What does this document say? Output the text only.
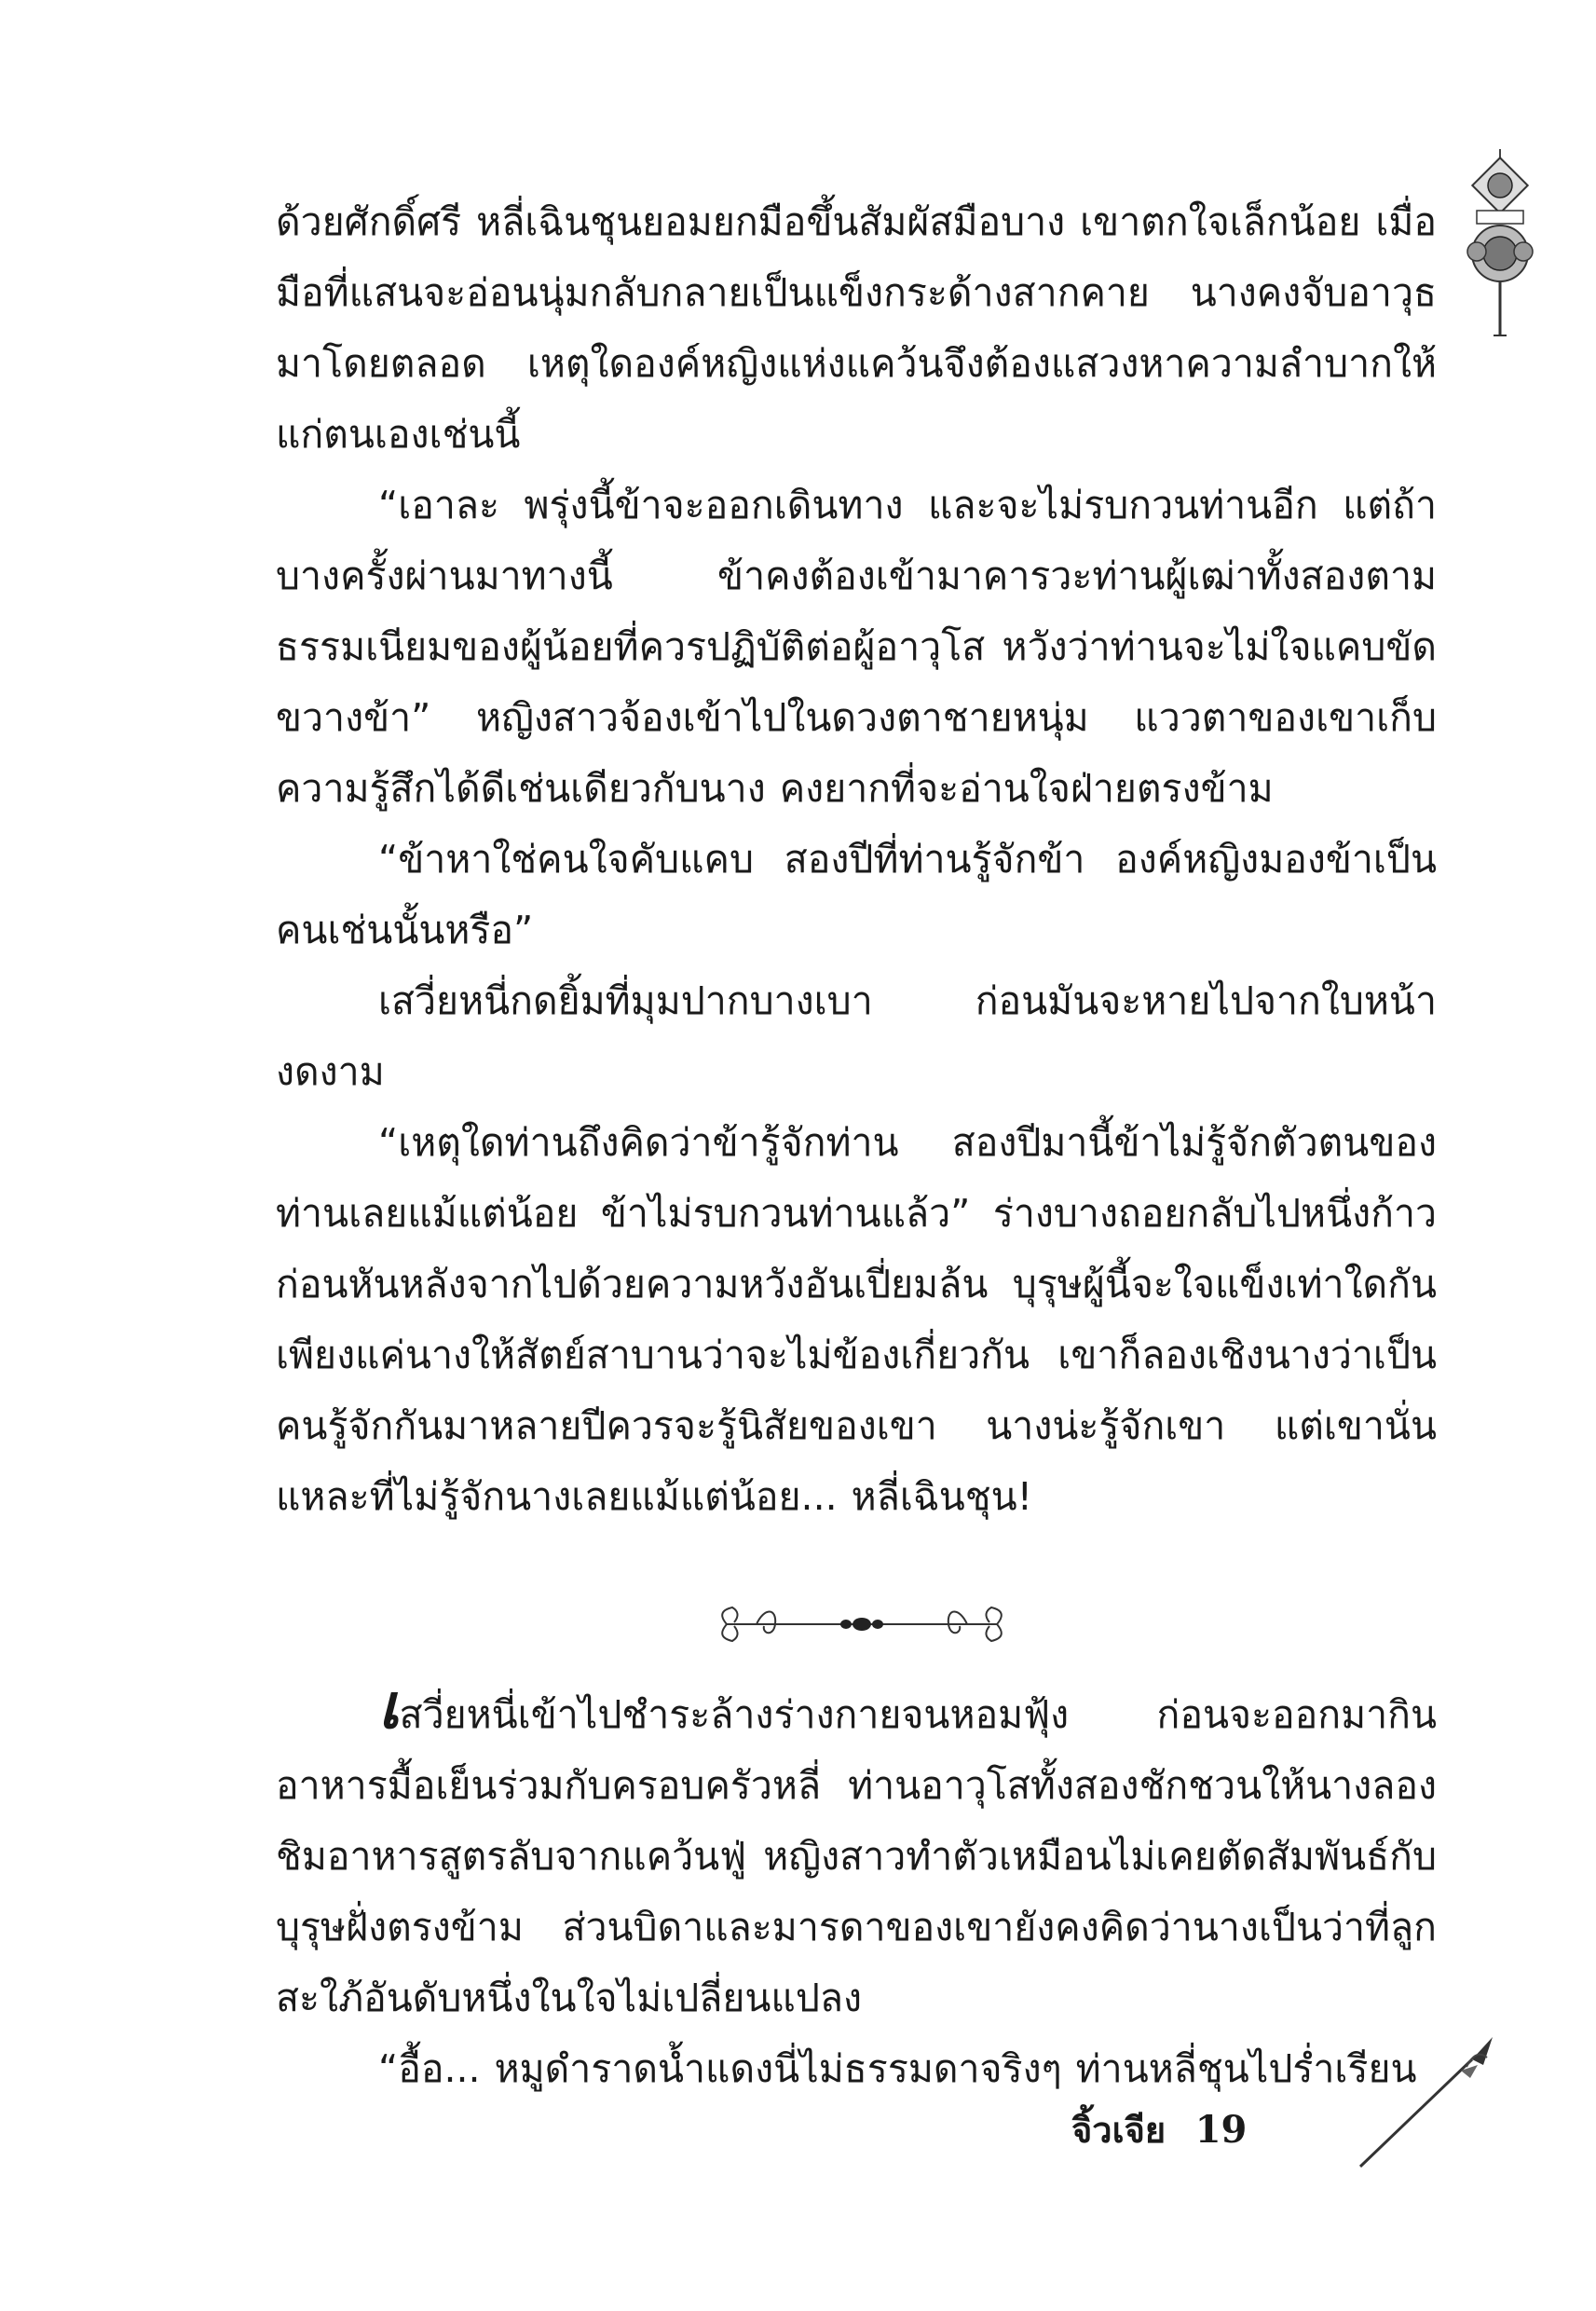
ด้วยศักดิ์ศรี หลี่เฉินชุนยอมยกมือขึ้นสัมผัสมือบาง เขาตกใจเล็กน้อย เมื่อมือที่แสนจะอ่อนนุ่มกลับกลายเป็นแข็งกระด้างสากคาย นางคงจับอาวุธมาโดยตลอด เหตุใดองค์หญิงแห่งแคว้นจึงต้องแสวงหาความลำบากให้แก่ตนเองเช่นนี้

“เอาละ พรุ่งนี้ข้าจะออกเดินทาง และจะไม่รบกวนท่านอีก แต่ถ้าบางครั้งผ่านมาทางนี้ ข้าคงต้องเข้ามาคารวะท่านผู้เฒ่าทั้งสองตามธรรมเนียมของผู้น้อยที่ควรปฏิบัติต่อผู้อาวุโส หวังว่าท่านจะไม่ใจแคบขัดขวางข้า” หญิงสาวจ้องเข้าไปในดวงตาชายหนุ่ม แววตาของเขาเก็บความรู้สึกได้ดีเช่นเดียวกับนาง คงยากที่จะอ่านใจฝ่ายตรงข้าม

“ข้าหาใช่คนใจคับแคบ สองปีที่ท่านรู้จักข้า องค์หญิงมองข้าเป็นคนเช่นนั้นหรือ”

เสวี่ยหนี่กดยิ้มที่มุมปากบางเบา ก่อนมันจะหายไปจากใบหน้างดงาม

“เหตุใดท่านถึงคิดว่าข้ารู้จักท่าน สองปีมานี้ข้าไม่รู้จักตัวตนของท่านเลยแม้แต่น้อย ข้าไม่รบกวนท่านแล้ว” ร่างบางถอยกลับไปหนึ่งก้าวก่อนหันหลังจากไปด้วยความหวังอันเปี่ยมล้น บุรุษผู้นี้จะใจแข็งเท่าใดกันเพียงแค่นางให้สัตย์สาบานว่าจะไม่ข้องเกี่ยวกัน เขาก็ลองเชิงนางว่าเป็นคนรู้จักกันมาหลายปีควรจะรู้นิสัยของเขา นางน่ะรู้จักเขา แต่เขานั่นแหละที่ไม่รู้จักนางเลยแม้แต่น้อย... หลี่เฉินชุน!

เสวี่ยหนี่เข้าไปชำระล้างร่างกายจนหอมฟุ้ง ก่อนจะออกมากินอาหารมื้อเย็นร่วมกับครอบครัวหลี่ ท่านอาวุโสทั้งสองชักชวนให้นางลองชิมอาหารสูตรลับจากแคว้นฟู่ หญิงสาวทำตัวเหมือนไม่เคยตัดสัมพันธ์กับบุรุษฝั่งตรงข้าม ส่วนบิดาและมารดาของเขายังคงคิดว่านางเป็นว่าที่ลูกสะใภ้อันดับหนึ่งในใจไม่เปลี่ยนแปลง

“อื้อ... หมูดำราดน้ำแดงนี่ไม่ธรรมดาจริงๆ ท่านหลี่ชุนไปร่ำเรียน

จิ้วเจีย 19
